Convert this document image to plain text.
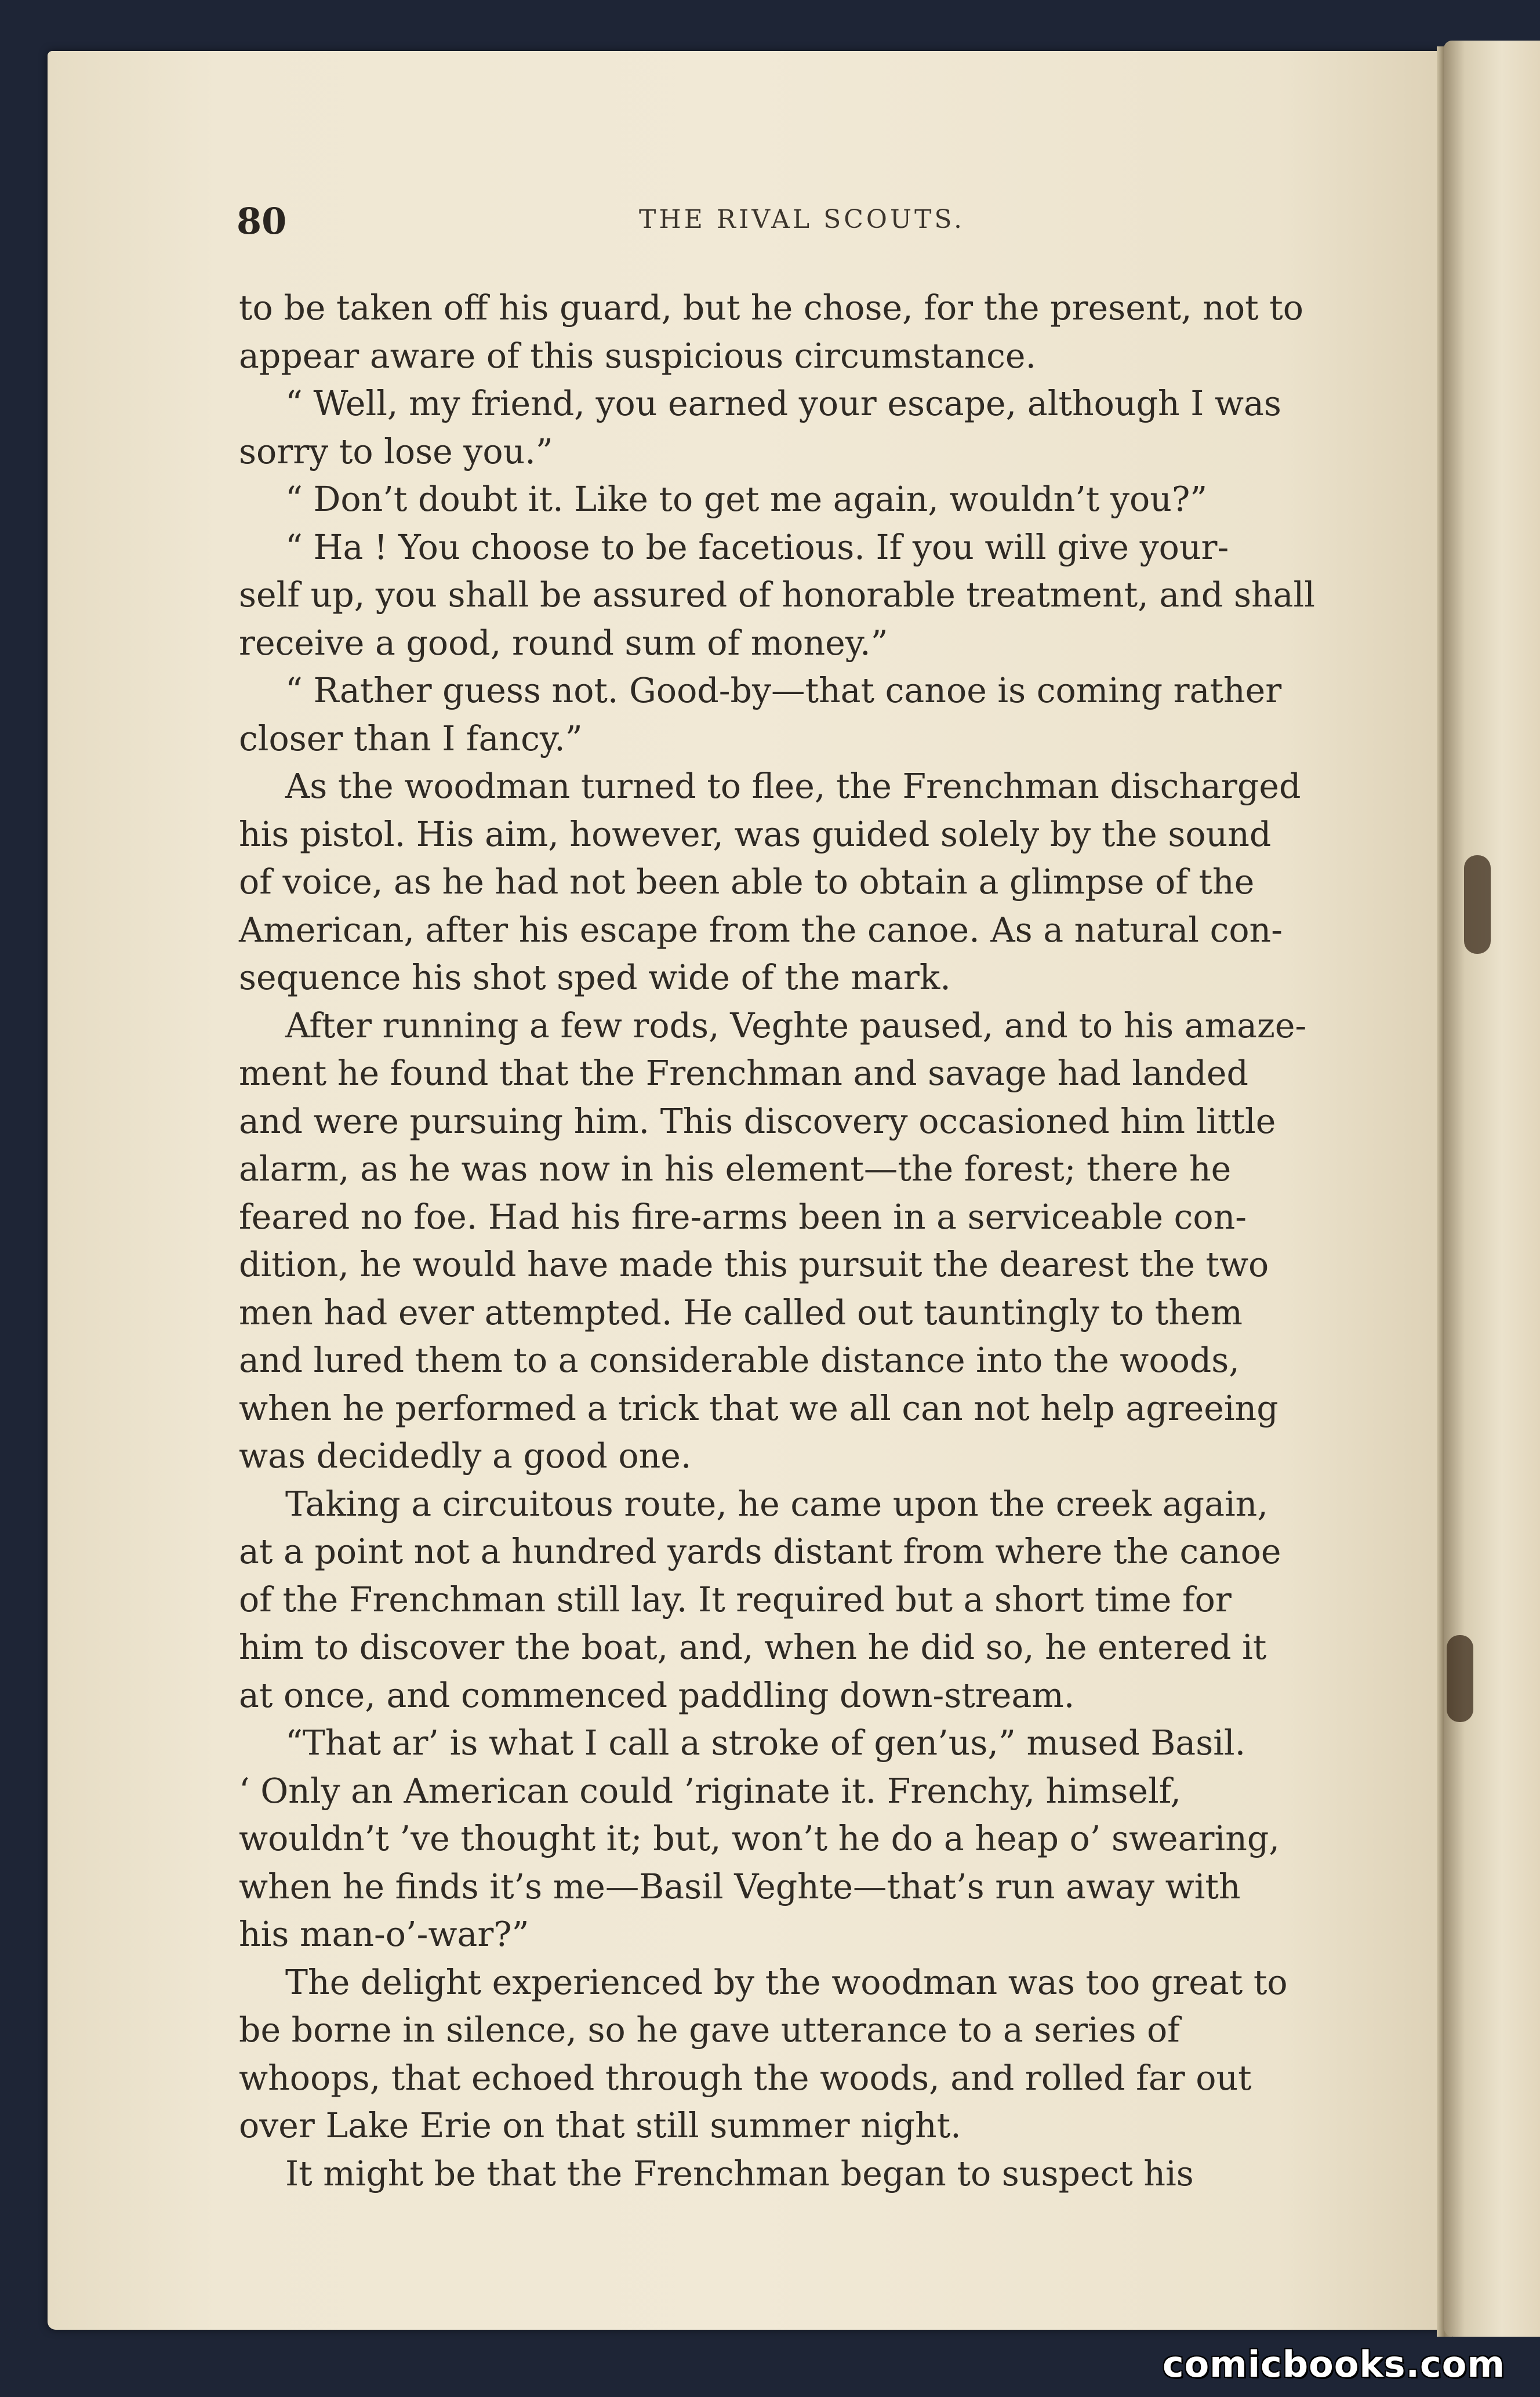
80	THE RIVAL SCOUTS.
to be taken off his guard, but he chose, for the present, not to
appear aware of this suspicious circumstance.
“ Well, my friend, you earned your escape, although I was
sorry to lose you.”
“ Don’t doubt it. Like to get me again, wouldn’t you?”
“ Ha ! You choose to be facetious. If you will give your-
self up, you shall be assured of honorable treatment, and shall
receive a good, round sum of money.”
“ Rather guess not. Good-by—that canoe is coming rather
closer than I fancy.”
As the woodman turned to flee, the Frenchman discharged
his pistol. His aim, however, was guided solely by the sound
of voice, as he had not been able to obtain a glimpse of the
American, after his escape from the canoe. As a natural con-
sequence his shot sped wide of the mark.
After running a few rods, Veghte paused, and to his amaze-
ment he found that the Frenchman and savage had landed
and were pursuing him. This discovery occasioned him little
alarm, as he was now in his element—the forest; there he
feared no foe. Had his fire-arms been in a serviceable con-
dition, he would have made this pursuit the dearest the two
men had ever attempted. He called out tauntingly to them
and lured them to a considerable distance into the woods,
when he performed a trick that we all can not help agreeing
was decidedly a good one.
Taking a circuitous route, he came upon the creek again,
at a point not a hundred yards distant from where the canoe
of the Frenchman still lay. It required but a short time for
him to discover the boat, and, when he did so, he entered it
at once, and commenced paddling down-stream.
“That ar’ is what I call a stroke of gen’us,” mused Basil.
‘ Only an American could ’riginate it. Frenchy, himself,
wouldn’t ’ve thought it; but, won’t he do a heap o’ swearing,
when he finds it’s me—Basil Veghte—that’s run away with
his man-o’-war?”
The delight experienced by the woodman was too great to
be borne in silence, so he gave utterance to a series of
whoops, that echoed through the woods, and rolled far out
over Lake Erie on that still summer night.
It might be that the Frenchman began to suspect his
comicbooks.com
